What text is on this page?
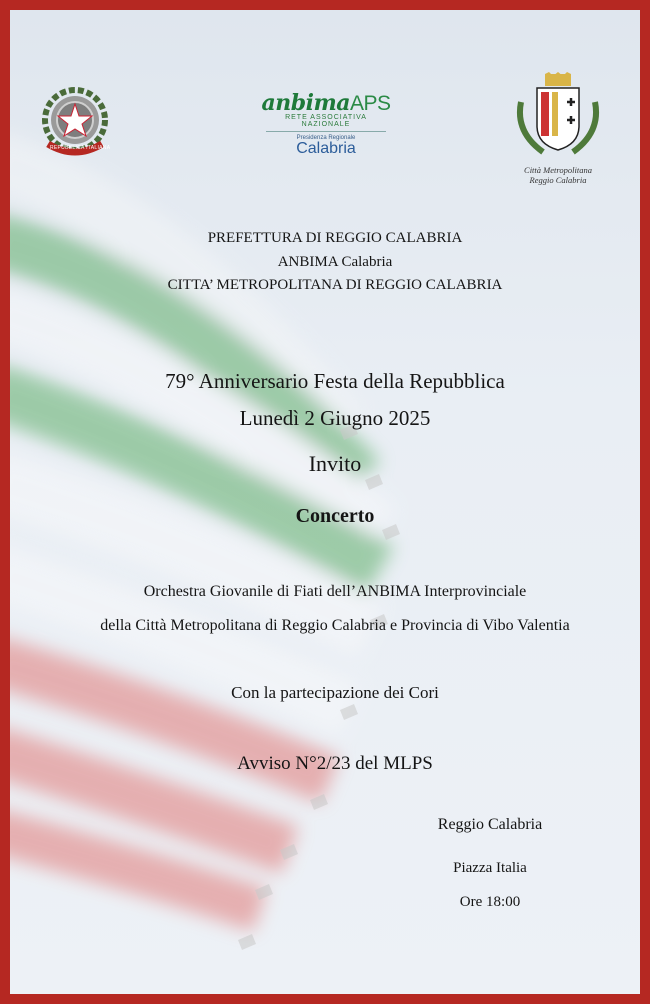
REPUBBLICA ITALIANA
anbimaAPS
RETE ASSOCIATIVA NAZIONALE
Presidenza Regionale
Calabria
Città Metropolitana
Reggio Calabria
PREFETTURA DI REGGIO CALABRIA
ANBIMA Calabria
CITTA’ METROPOLITANA DI REGGIO CALABRIA
79° Anniversario Festa della Repubblica
Lunedì 2 Giugno 2025
Invito
Concerto
Orchestra Giovanile di Fiati dell’ANBIMA Interprovinciale
della Città Metropolitana di Reggio Calabria e Provincia di Vibo Valentia
Con la partecipazione dei Cori
Avviso N°2/23 del MLPS
Reggio Calabria
Piazza Italia
Ore 18:00
